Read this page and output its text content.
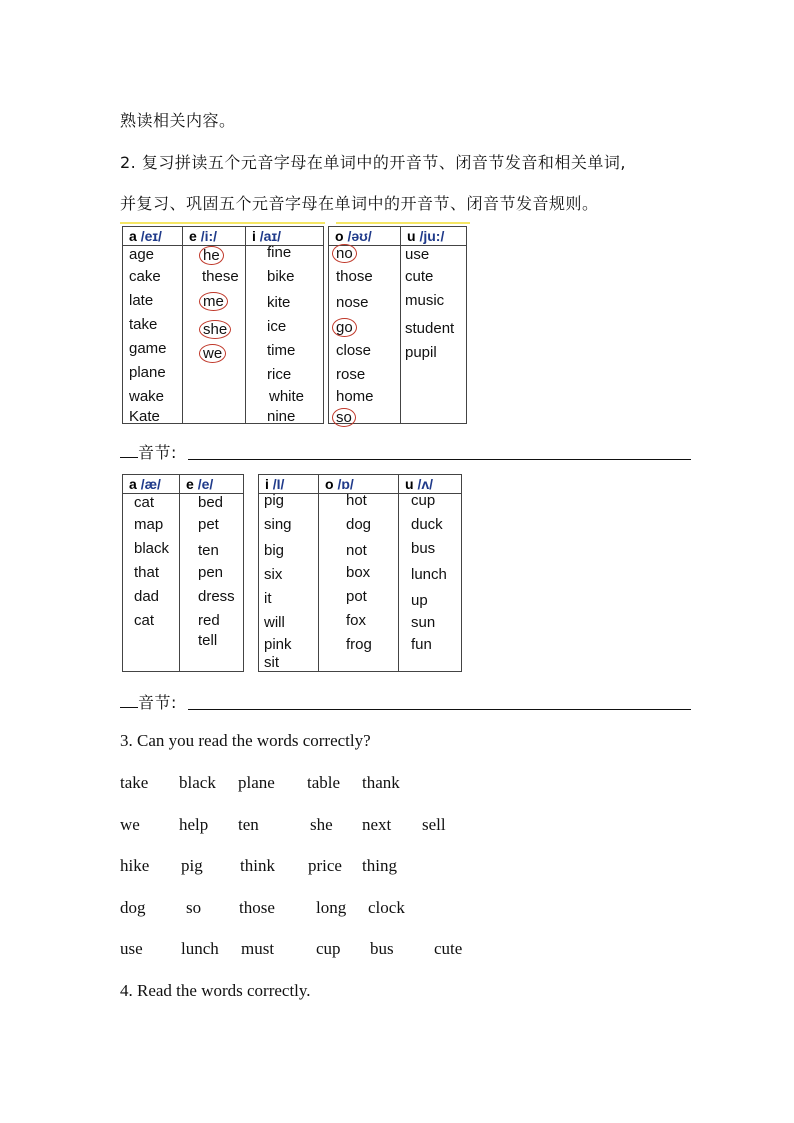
熟读相关内容。
2. 复习拼读五个元音字母在单词中的开音节、闭音节发音和相关单词,
并复习、巩固五个元音字母在单词中的开音节、闭音节发音规则。
a /eɪ/
age
cake
late
take
game
plane
wake
Kate
e /i:/
he
these
me
she
we
i /aɪ/
fine
bike
kite
ice
time
rice
white
nine
o /əʊ/
no
those
nose
go
close
rose
home
so
u /ju:/
use
cute
music
student
pupil
音节:
a /æ/
cat
map
black
that
dad
cat
e /e/
bed
pet
ten
pen
dress
red
tell
i /I/
pig
sing
big
six
it
will
pink
sit
o /ɒ/
hot
dog
not
box
pot
fox
frog
u /ʌ/
cup
duck
bus
lunch
up
sun
fun
音节:
3. Can you read the words correctly?
take black plane table thank
we help ten	she next sell
hike pig think price thing
dog so those long clock
use lunch must cup bus cute
4. Read the words correctly.
